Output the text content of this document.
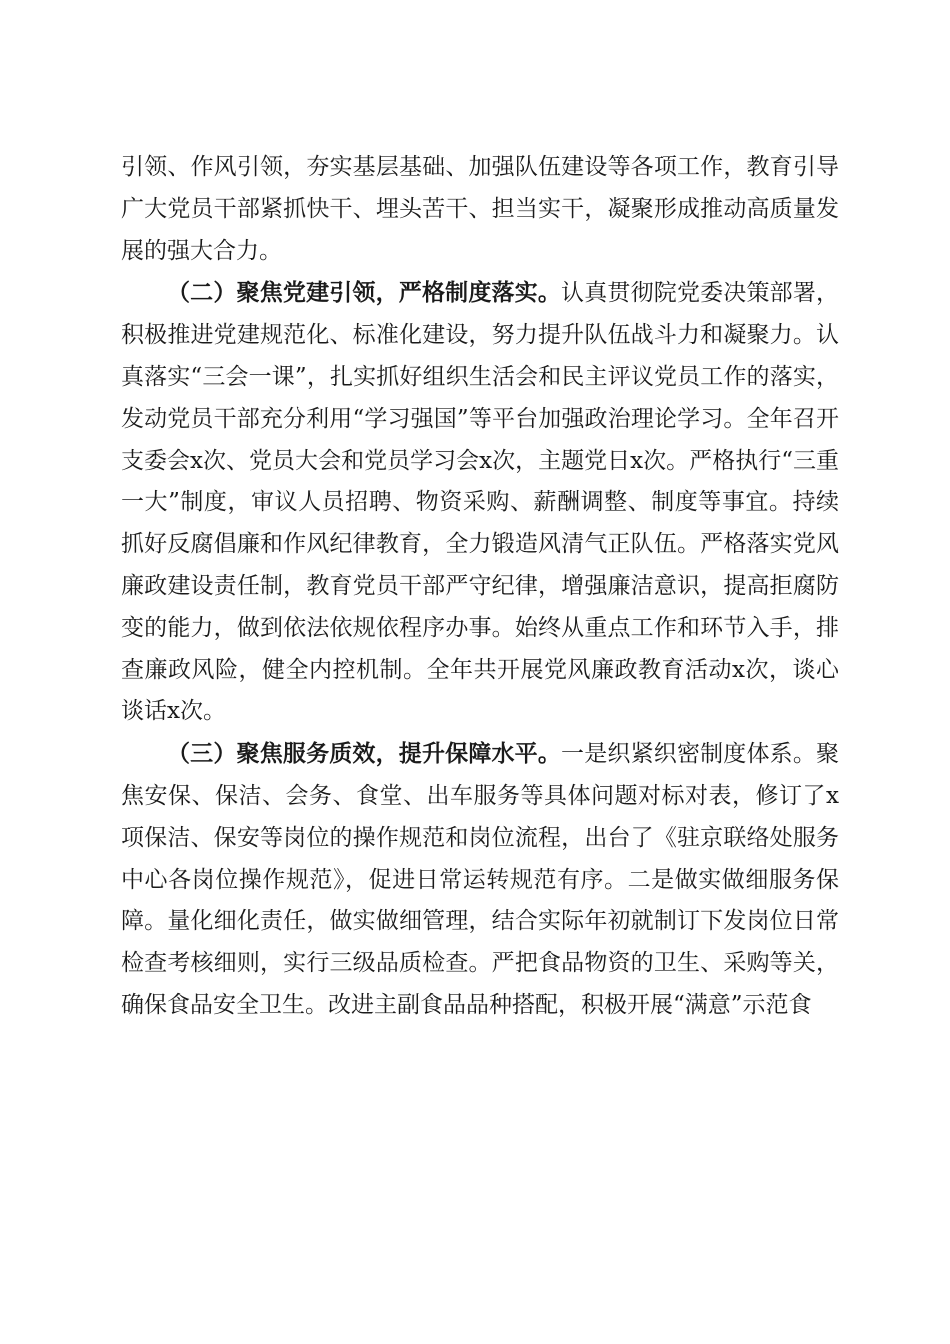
引领、作风引领，夯实基层基础、加强队伍建设等各项工作，教育引导广大党员干部紧抓快干、埋头苦干、担当实干，凝聚形成推动高质量发展的强大合力。

（二）聚焦党建引领，严格制度落实。认真贯彻院党委决策部署，积极推进党建规范化、标准化建设，努力提升队伍战斗力和凝聚力。认真落实“三会一课”，扎实抓好组织生活会和民主评议党员工作的落实，发动党员干部充分利用“学习强国”等平台加强政治理论学习。全年召开支委会x次、党员大会和党员学习会x次，主题党日x次。严格执行“三重一大”制度，审议人员招聘、物资采购、薪酬调整、制度等事宜。持续抓好反腐倡廉和作风纪律教育，全力锻造风清气正队伍。严格落实党风廉政建设责任制，教育党员干部严守纪律，增强廉洁意识，提高拒腐防变的能力，做到依法依规依程序办事。始终从重点工作和环节入手，排查廉政风险，健全内控机制。全年共开展党风廉政教育活动x次，谈心谈话x次。

（三）聚焦服务质效，提升保障水平。一是织紧织密制度体系。聚焦安保、保洁、会务、食堂、出车服务等具体问题对标对表，修订了x项保洁、保安等岗位的操作规范和岗位流程，出台了《驻京联络处服务中心各岗位操作规范》，促进日常运转规范有序。二是做实做细服务保障。量化细化责任，做实做细管理，结合实际年初就制订下发岗位日常检查考核细则，实行三级品质检查。严把食品物资的卫生、采购等关，确保食品安全卫生。改进主副食品品种搭配，积极开展“满意”示范食
